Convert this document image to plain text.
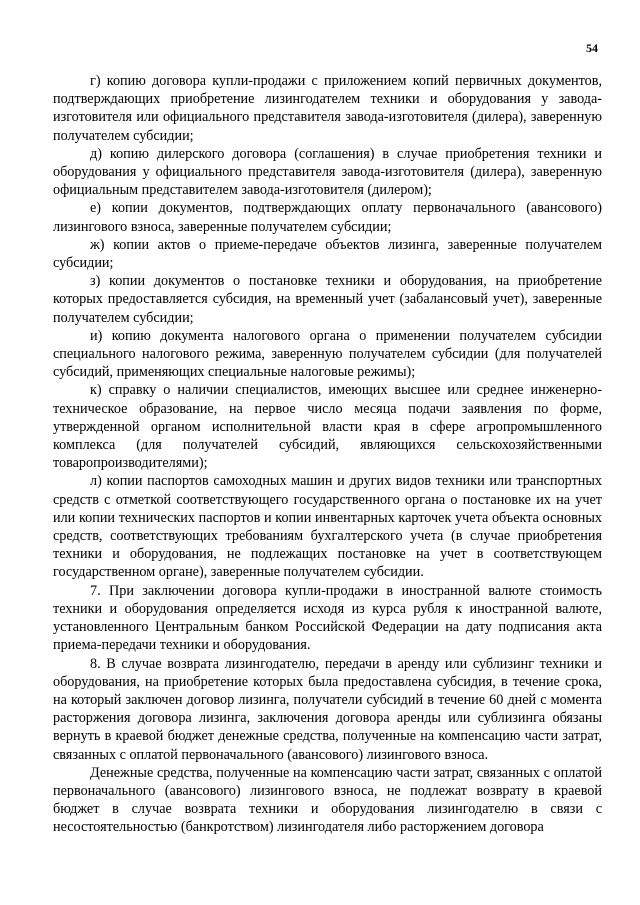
54

г) копию договора купли-продажи с приложением копий первичных документов, подтверждающих приобретение лизингодателем техники и оборудования у завода-изготовителя или официального представителя завода-изготовителя (дилера), заверенную получателем субсидии;

д) копию дилерского договора (соглашения) в случае приобретения техники и оборудования у официального представителя завода-изготовителя (дилера), заверенную официальным представителем завода-изготовителя (дилером);

е) копии документов, подтверждающих оплату первоначального (авансового) лизингового взноса, заверенные получателем субсидии;

ж) копии актов о приеме-передаче объектов лизинга, заверенные получателем субсидии;

з) копии документов о постановке техники и оборудования, на приобретение которых предоставляется субсидия, на временный учет (забалансовый учет), заверенные получателем субсидии;

и) копию документа налогового органа о применении получателем субсидии специального налогового режима, заверенную получателем субсидии (для получателей субсидий, применяющих специальные налоговые режимы);

к) справку о наличии специалистов, имеющих высшее или среднее инженерно-техническое образование, на первое число месяца подачи заявления по форме, утвержденной органом исполнительной власти края в сфере агропромышленного комплекса (для получателей субсидий, являющихся сельскохозяйственными товаропроизводителями);

л) копии паспортов самоходных машин и других видов техники или транспортных средств с отметкой соответствующего государственного органа о постановке их на учет или копии технических паспортов и копии инвентарных карточек учета объекта основных средств, соответствующих требованиям бухгалтерского учета (в случае приобретения техники и оборудования, не подлежащих постановке на учет в соответствующем государственном органе), заверенные получателем субсидии.

7. При заключении договора купли-продажи в иностранной валюте стоимость техники и оборудования определяется исходя из курса рубля к иностранной валюте, установленного Центральным банком Российской Федерации на дату подписания акта приема-передачи техники и оборудования.

8. В случае возврата лизингодателю, передачи в аренду или сублизинг техники и оборудования, на приобретение которых была предоставлена субсидия, в течение срока, на который заключен договор лизинга, получатели субсидий в течение 60 дней с момента расторжения договора лизинга, заключения договора аренды или сублизинга обязаны вернуть в краевой бюджет денежные средства, полученные на компенсацию части затрат, связанных с оплатой первоначального (авансового) лизингового взноса.

Денежные средства, полученные на компенсацию части затрат, связанных с оплатой первоначального (авансового) лизингового взноса, не подлежат возврату в краевой бюджет в случае возврата техники и оборудования лизингодателю в связи с несостоятельностью (банкротством) лизингодателя либо расторжением договора
